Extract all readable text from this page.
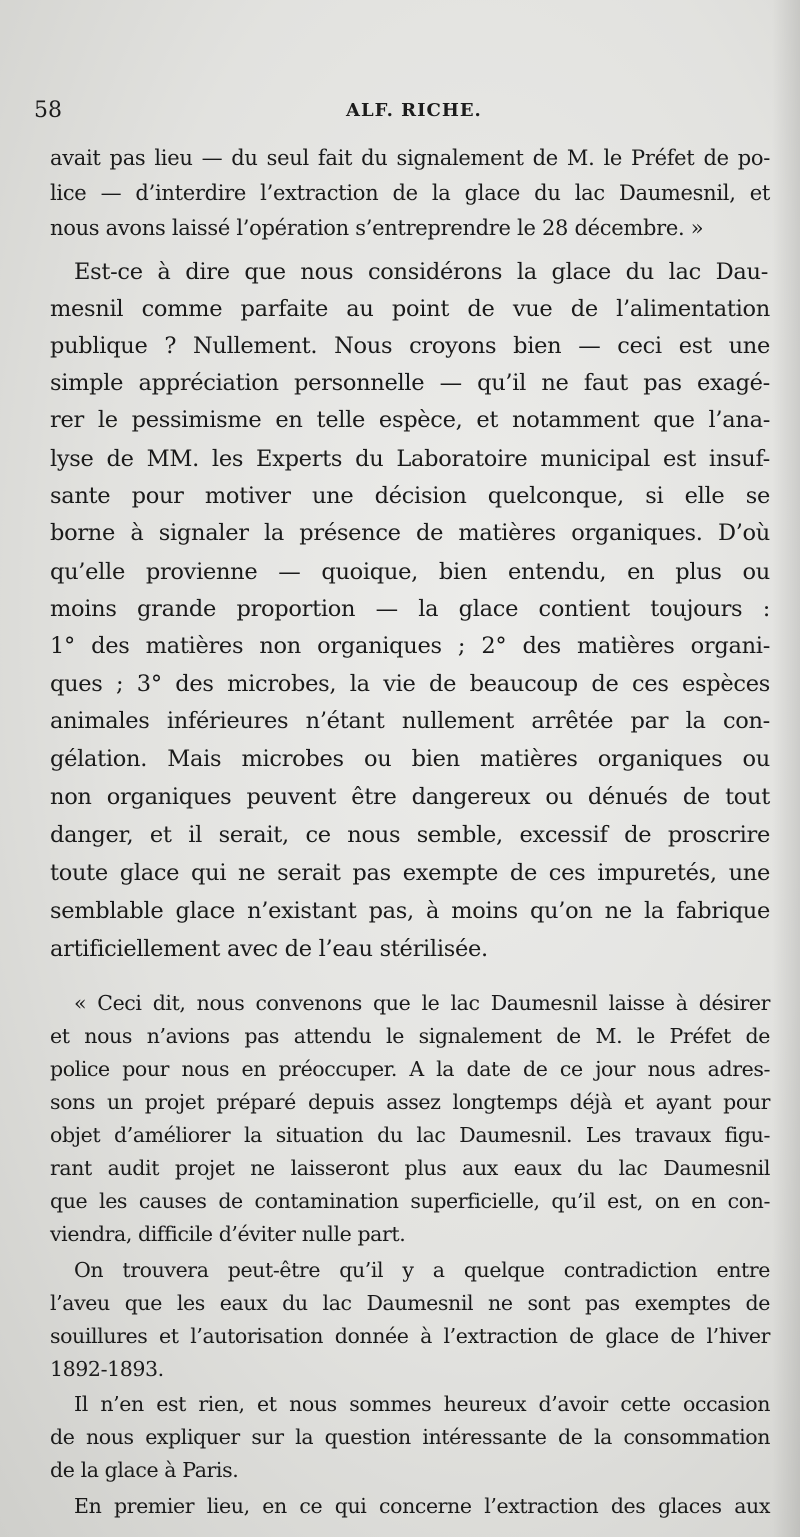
58	ALF. RICHE.
avait pas lieu — du seul fait du signalement de M. le Préfet de po-
lice — d’interdire l’extraction de la glace du lac Daumesnil, et
nous avons laissé l’opération s’entreprendre le 28 décembre. »
Est-ce à dire que nous considérons la glace du lac Dau-
mesnil comme parfaite au point de vue de l’alimentation
publique ? Nullement. Nous croyons bien — ceci est une
simple appréciation personnelle — qu’il ne faut pas exagé-
rer le pessimisme en telle espèce, et notamment que l’ana-
lyse de MM. les Experts du Laboratoire municipal est insuf-
sante pour motiver une décision quelconque, si elle se
borne à signaler la présence de matières organiques. D’où
qu’elle provienne — quoique, bien entendu, en plus ou
moins grande proportion — la glace contient toujours :
1° des matières non organiques ; 2° des matières organi-
ques ; 3° des microbes, la vie de beaucoup de ces espèces
animales inférieures n’étant nullement arrêtée par la con-
gélation. Mais microbes ou bien matières organiques ou
non organiques peuvent être dangereux ou dénués de tout
danger, et il serait, ce nous semble, excessif de proscrire
toute glace qui ne serait pas exempte de ces impuretés, une
semblable glace n’existant pas, à moins qu’on ne la fabrique
artificiellement avec de l’eau stérilisée.
« Ceci dit, nous convenons que le lac Daumesnil laisse à désirer
et nous n’avions pas attendu le signalement de M. le Préfet de
police pour nous en préoccuper. A la date de ce jour nous adres-
sons un projet préparé depuis assez longtemps déjà et ayant pour
objet d’améliorer la situation du lac Daumesnil. Les travaux figu-
rant audit projet ne laisseront plus aux eaux du lac Daumesnil
que les causes de contamination superficielle, qu’il est, on en con-
viendra, difficile d’éviter nulle part.
On trouvera peut-être qu’il y a quelque contradiction entre
l’aveu que les eaux du lac Daumesnil ne sont pas exemptes de
souillures et l’autorisation donnée à l’extraction de glace de l’hiver
1892-1893.
Il n’en est rien, et nous sommes heureux d’avoir cette occasion
de nous expliquer sur la question intéressante de la consommation
de la glace à Paris.
En premier lieu, en ce qui concerne l’extraction des glaces aux
